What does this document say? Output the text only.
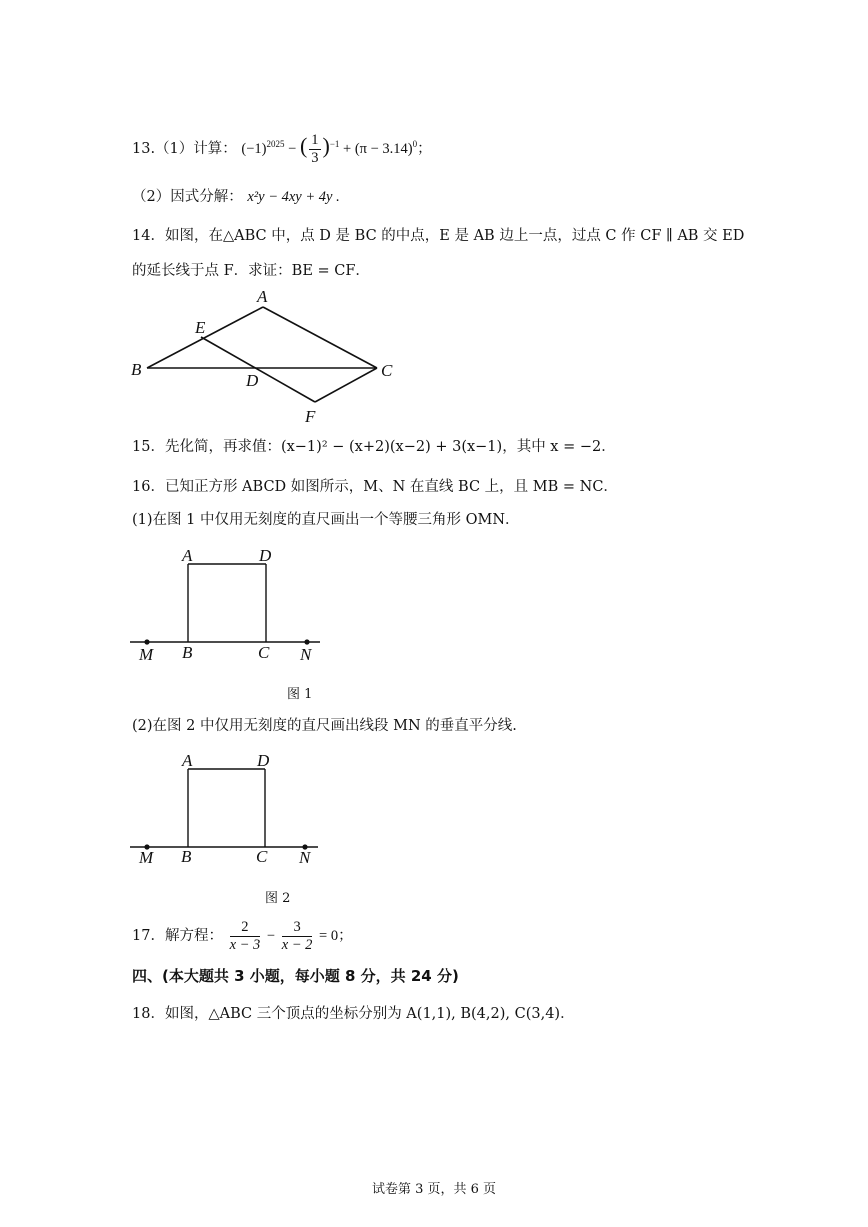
13.（1）计算： $(-1)^{2025}$ − ( $\frac{1}{3} )^{-1} + (\pi - 3.14)^0$；
（2）因式分解： x²y − 4xy + 4y .
14．如图，在△ABC 中，点 D 是 BC 的中点，E 是 AB 边上一点，过点 C 作 CF ∥ AB 交 ED
的延长线于点 F．求证：BE = CF．
A
E
B
D
C
F
15．先化简，再求值：(x−1)² − (x+2)(x−2) + 3(x−1)，其中 x = −2．
16．已知正方形 ABCD 如图所示，M、N 在直线 BC 上，且 MB = NC．
(1)在图 1 中仅用无刻度的直尺画出一个等腰三角形 OMN．
A	D
M B	C N
图 1
(2)在图 2 中仅用无刻度的直尺画出线段 MN 的垂直平分线.
A	D
M B	C N
图 2
17．解方程： $\frac{2}{x - 3} - \frac{3}{x - 2} = 0$；
四、(本大题共 3 小题，每小题 8 分，共 24 分)
18．如图，△ABC 三个顶点的坐标分别为 A(1,1), B(4,2), C(3,4)．
试卷第 3 页，共 6 页
